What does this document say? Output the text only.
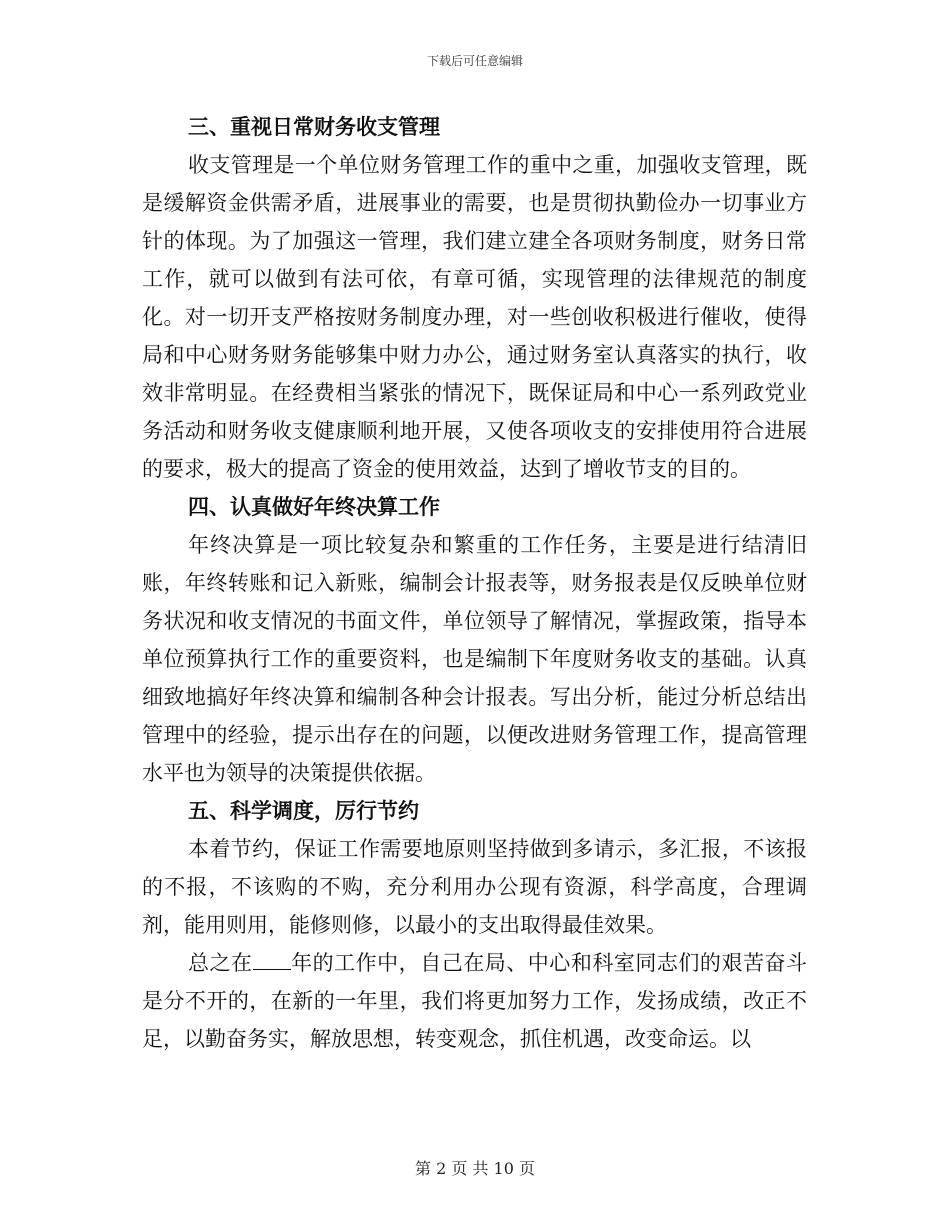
下载后可任意编辑
三、重视日常财务收支管理

收支管理是一个单位财务管理工作的重中之重，加强收支管理，既是缓解资金供需矛盾，进展事业的需要，也是贯彻执勤俭办一切事业方针的体现。为了加强这一管理，我们建立建全各项财务制度，财务日常工作，就可以做到有法可依，有章可循，实现管理的法律规范的制度化。对一切开支严格按财务制度办理，对一些创收积极进行催收，使得局和中心财务财务能够集中财力办公，通过财务室认真落实的执行，收效非常明显。在经费相当紧张的情况下，既保证局和中心一系列政党业务活动和财务收支健康顺利地开展，又使各项收支的安排使用符合进展的要求，极大的提高了资金的使用效益，达到了增收节支的目的。

四、认真做好年终决算工作

年终决算是一项比较复杂和繁重的工作任务，主要是进行结清旧账，年终转账和记入新账，编制会计报表等，财务报表是仅反映单位财务状况和收支情况的书面文件，单位领导了解情况，掌握政策，指导本单位预算执行工作的重要资料，也是编制下年度财务收支的基础。认真细致地搞好年终决算和编制各种会计报表。写出分析，能过分析总结出管理中的经验，提示出存在的问题，以便改进财务管理工作，提高管理水平也为领导的决策提供依据。

五、科学调度，厉行节约

本着节约，保证工作需要地原则坚持做到多请示，多汇报，不该报的不报，不该购的不购，充分利用办公现有资源，科学高度，合理调剂，能用则用，能修则修，以最小的支出取得最佳效果。

总之在 年的工作中，自己在局、中心和科室同志们的艰苦奋斗是分不开的，在新的一年里，我们将更加努力工作，发扬成绩，改正不足，以勤奋务实，解放思想，转变观念，抓住机遇，改变命运。以

第 2 页 共 10 页
